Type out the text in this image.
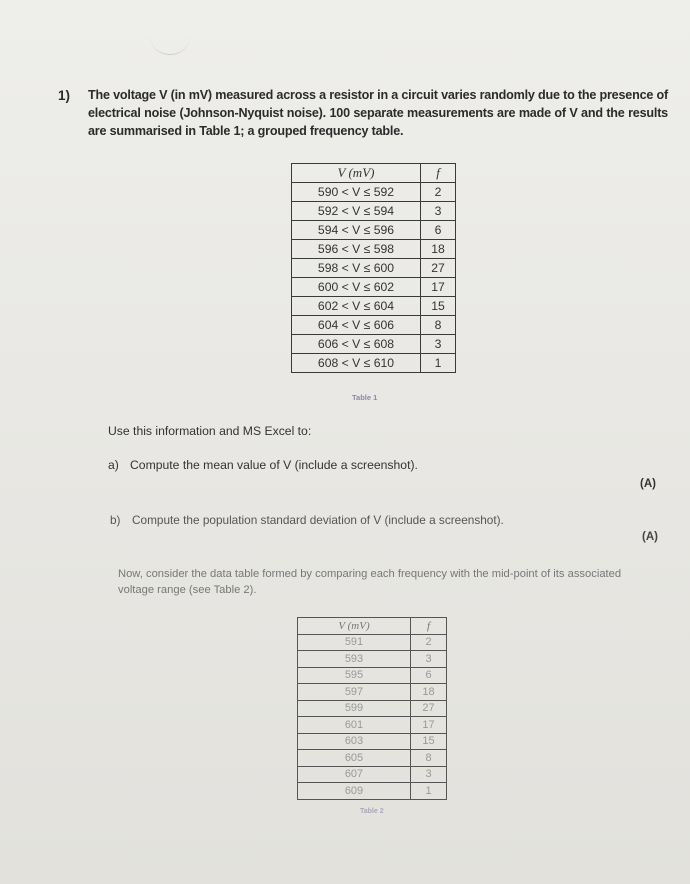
1) The voltage V (in mV) measured across a resistor in a circuit varies randomly due to the presence of electrical noise (Johnson-Nyquist noise). 100 separate measurements are made of V and the results are summarised in Table 1; a grouped frequency table.
V (mV)	f
590 < V ≤ 592	2
592 < V ≤ 594	3
594 < V ≤ 596	6
596 < V ≤ 598	18
598 < V ≤ 600	27
600 < V ≤ 602	17
602 < V ≤ 604	15
604 < V ≤ 606	8
606 < V ≤ 608	3
608 < V ≤ 610	1
Table 1
Use this information and MS Excel to:
a) Compute the mean value of V (include a screenshot).
(A)
b) Compute the population standard deviation of V (include a screenshot).
(A)
Now, consider the data table formed by comparing each frequency with the mid-point of its associated voltage range (see Table 2).
V (mV)	f
591	2
593	3
595	6
597	18
599	27
601	17
603	15
605	8
607	3
609	1
Table 2
